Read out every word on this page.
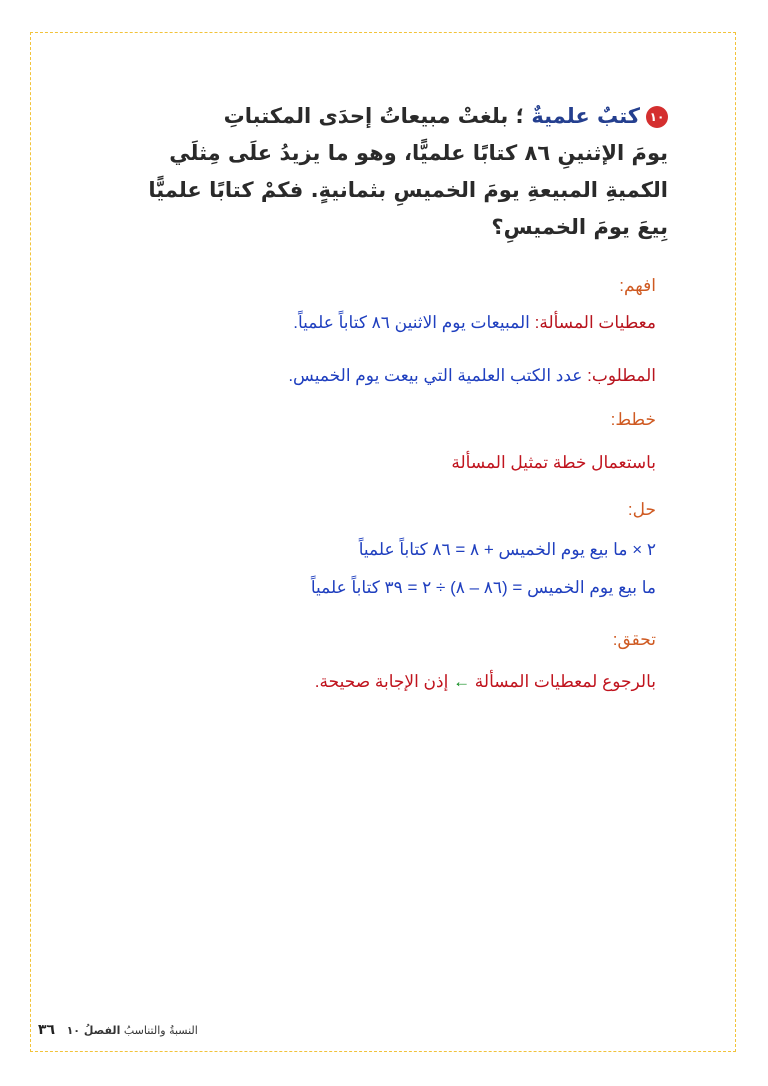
١٠كتبٌ علميةٌ ؛ بلغتْ مبيعاتُ إحدَى المكتباتِ
يومَ الإثنينِ ٨٦ كتابًا علميًّا، وهو ما يزيدُ علَى مِثلَي
الكميةِ المبيعةِ يومَ الخميسِ بثمانيةٍ. فكمْ كتابًا علميًّا
بِيعَ يومَ الخميسِ؟
افهم:
معطيات المسألة: المبيعات يوم الاثنين ٨٦ كتاباً علمياً.
المطلوب: عدد الكتب العلمية التي بيعت يوم الخميس.
خطط:
باستعمال خطة تمثيل المسألة
حل:
٢ × ما بيع يوم الخميس + ٨ = ٨٦ كتاباً علمياً
ما بيع يوم الخميس = (٨٦ – ٨) ÷ ٢ = ٣٩ كتاباً علمياً
تحقق:
بالرجوع لمعطيات المسألة ← إذن الإجابة صحيحة.
النسبةُ والتناسبُ الفصلُ ١٠ ٣٦
